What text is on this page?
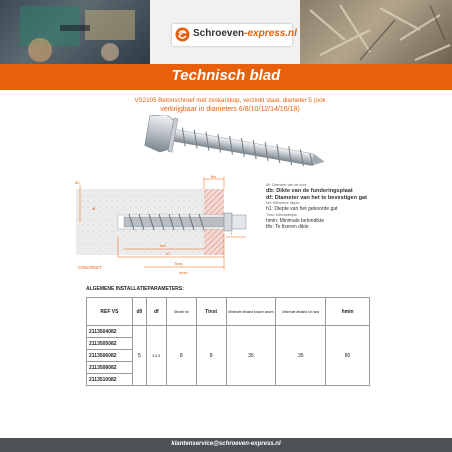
Schroeven-express.nl
Technisch blad
VS2105 Betonschroef met zeskantkop, verzinkt staal, diameter 5 (ook
verkrijgbaar in diameters 6/8/10/12/14/16/18)
tfix
d0
df
hef
h1
Tinst
hmin
t
CONCREET
d0: Diameter van de boor
db: Dikte van de funderingsplaat
df: Diameter van het te bevestigen gat
hef: Effectieve diepte
h1: Diepte van het geboorde gat
Tinst: Inbouwdiepte
hmin: Minimale betondikte
tfix: Te fixeren dikte
ALGEMENE INSTALLATIEPARAMETERS:
REF VS	d0	df	Sleutel tot	Tinst	Minimale afstand tussen assen	Minimale afstand tot rand	hmin
2113504082	5	5-6 8	8	8	35	35	80
2113505082							
2113506082							
2113508082							
2113510082							
klantenservice@schroeven-express.nl
